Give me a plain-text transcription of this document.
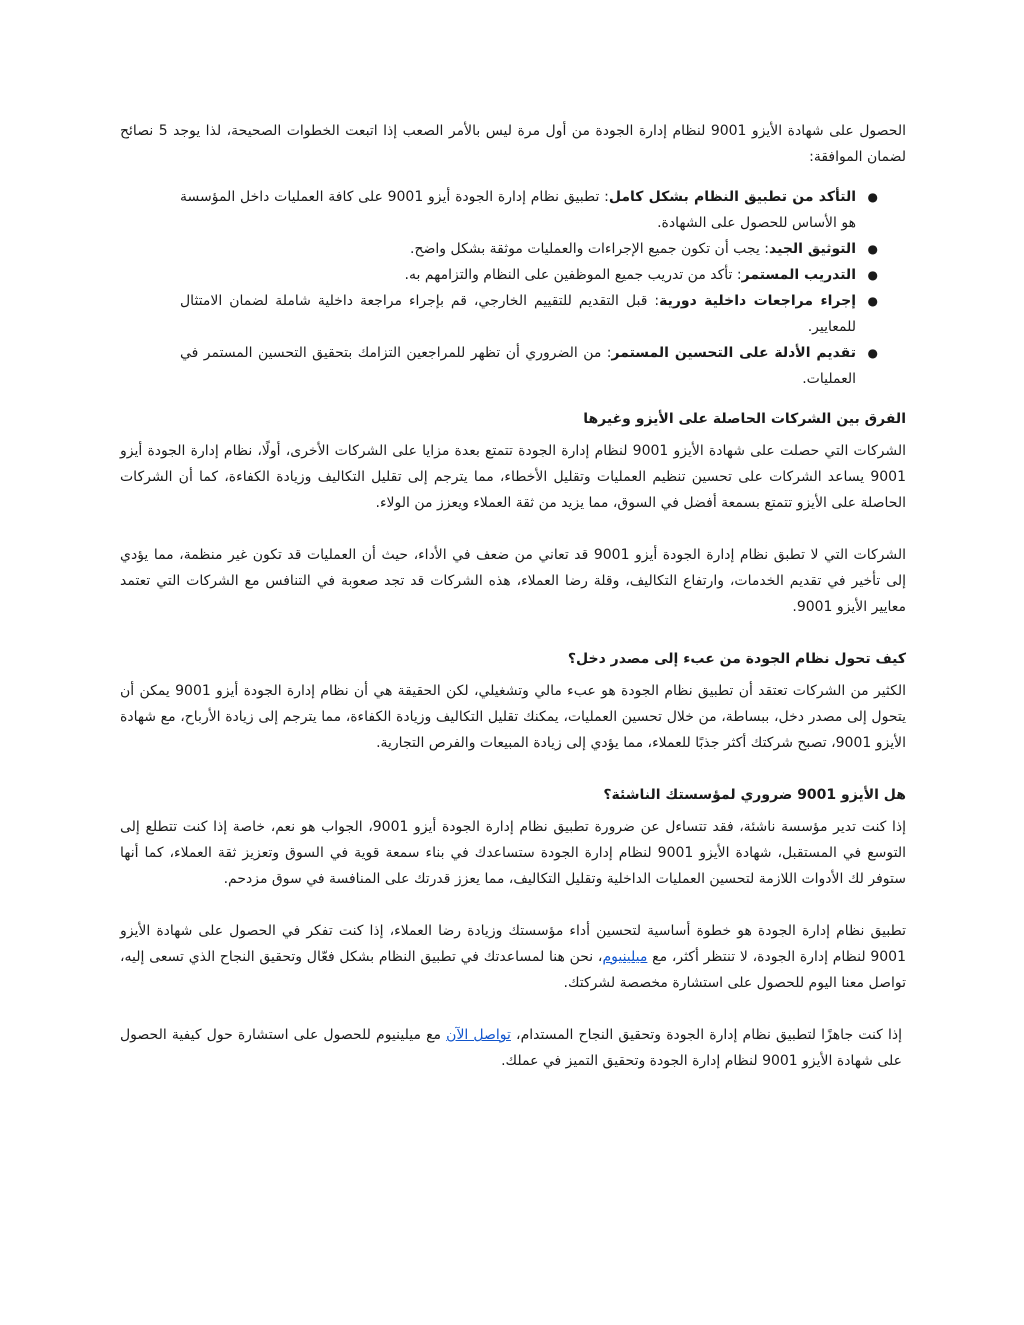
الحصول على شهادة الأيزو 9001 لنظام إدارة الجودة من أول مرة ليس بالأمر الصعب إذا اتبعت الخطوات الصحيحة، لذا يوجد 5 نصائح لضمان الموافقة:

●
التأكد من تطبيق النظام بشكل كامل: تطبيق نظام إدارة الجودة أيزو 9001 على كافة العمليات داخل المؤسسة هو الأساس للحصول على الشهادة.
●
التوثيق الجيد: يجب أن تكون جميع الإجراءات والعمليات موثقة بشكل واضح.
●
التدريب المستمر: تأكد من تدريب جميع الموظفين على النظام والتزامهم به.
●
إجراء مراجعات داخلية دورية: قبل التقديم للتقييم الخارجي، قم بإجراء مراجعة داخلية شاملة لضمان الامتثال للمعايير.
●
تقديم الأدلة على التحسين المستمر: من الضروري أن تظهر للمراجعين التزامك بتحقيق التحسين المستمر في العمليات.
الفرق بين الشركات الحاصلة على الأيزو وغيرها

الشركات التي حصلت على شهادة الأيزو 9001 لنظام إدارة الجودة تتمتع بعدة مزايا على الشركات الأخرى، أولًا، نظام إدارة الجودة أيزو 9001 يساعد الشركات على تحسين تنظيم العمليات وتقليل الأخطاء، مما يترجم إلى تقليل التكاليف وزيادة الكفاءة، كما أن الشركات الحاصلة على الأيزو تتمتع بسمعة أفضل في السوق، مما يزيد من ثقة العملاء ويعزز من الولاء.

الشركات التي لا تطبق نظام إدارة الجودة أيزو 9001 قد تعاني من ضعف في الأداء، حيث أن العمليات قد تكون غير منظمة، مما يؤدي إلى تأخير في تقديم الخدمات، وارتفاع التكاليف، وقلة رضا العملاء، هذه الشركات قد تجد صعوبة في التنافس مع الشركات التي تعتمد معايير الأيزو 9001.

كيف تحول نظام الجودة من عبء إلى مصدر دخل؟

الكثير من الشركات تعتقد أن تطبيق نظام الجودة هو عبء مالي وتشغيلي، لكن الحقيقة هي أن نظام إدارة الجودة أيزو 9001 يمكن أن يتحول إلى مصدر دخل، ببساطة، من خلال تحسين العمليات، يمكنك تقليل التكاليف وزيادة الكفاءة، مما يترجم إلى زيادة الأرباح، مع شهادة الأيزو 9001، تصبح شركتك أكثر جذبًا للعملاء، مما يؤدي إلى زيادة المبيعات والفرص التجارية.

هل الأيزو 9001 ضروري لمؤسستك الناشئة؟

إذا كنت تدير مؤسسة ناشئة، فقد تتساءل عن ضرورة تطبيق نظام إدارة الجودة أيزو 9001، الجواب هو نعم، خاصة إذا كنت تتطلع إلى التوسع في المستقبل، شهادة الأيزو 9001 لنظام إدارة الجودة ستساعدك في بناء سمعة قوية في السوق وتعزيز ثقة العملاء، كما أنها ستوفر لك الأدوات اللازمة لتحسين العمليات الداخلية وتقليل التكاليف، مما يعزز قدرتك على المنافسة في سوق مزدحم.

تطبيق نظام إدارة الجودة هو خطوة أساسية لتحسين أداء مؤسستك وزيادة رضا العملاء، إذا كنت تفكر في الحصول على شهادة الأيزو 9001 لنظام إدارة الجودة، لا تنتظر أكثر، مع ميلينيوم، نحن هنا لمساعدتك في تطبيق النظام بشكل فعّال وتحقيق النجاح الذي تسعى إليه، تواصل معنا اليوم للحصول على استشارة مخصصة لشركتك.

إذا كنت جاهزًا لتطبيق نظام إدارة الجودة وتحقيق النجاح المستدام، تواصل الآن مع ميلينيوم للحصول على استشارة حول كيفية الحصول على شهادة الأيزو 9001 لنظام إدارة الجودة وتحقيق التميز في عملك.
